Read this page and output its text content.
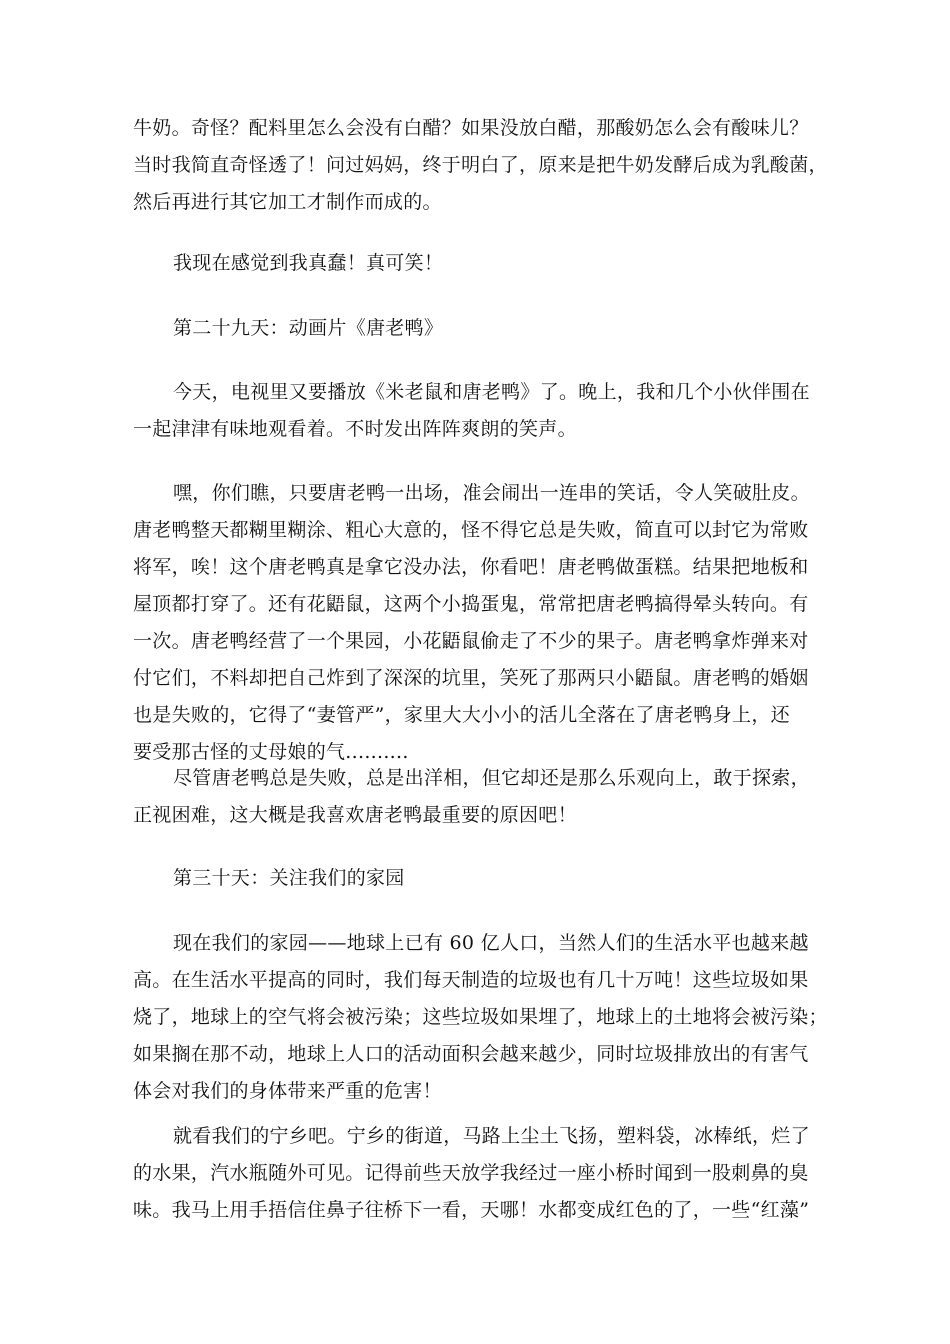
牛奶。奇怪？配料里怎么会没有白醋？如果没放白醋，那酸奶怎么会有酸味儿？
当时我简直奇怪透了！问过妈妈，终于明白了，原来是把牛奶发酵后成为乳酸菌，
然后再进行其它加工才制作而成的。
我现在感觉到我真蠢！真可笑！
第二十九天：动画片《唐老鸭》
今天，电视里又要播放《米老鼠和唐老鸭》了。晚上，我和几个小伙伴围在
一起津津有味地观看着。不时发出阵阵爽朗的笑声。
嘿，你们瞧，只要唐老鸭一出场，准会闹出一连串的笑话，令人笑破肚皮。
唐老鸭整天都糊里糊涂、粗心大意的，怪不得它总是失败，简直可以封它为常败
将军，唉！这个唐老鸭真是拿它没办法，你看吧！唐老鸭做蛋糕。结果把地板和
屋顶都打穿了。还有花鼯鼠，这两个小捣蛋鬼，常常把唐老鸭搞得晕头转向。有
一次。唐老鸭经营了一个果园，小花鼯鼠偷走了不少的果子。唐老鸭拿炸弹来对
付它们，不料却把自己炸到了深深的坑里，笑死了那两只小鼯鼠。唐老鸭的婚姻
也是失败的，它得了“妻管严”，家里大大小小的活儿全落在了唐老鸭身上，还
要受那古怪的丈母娘的气..........
尽管唐老鸭总是失败，总是出洋相，但它却还是那么乐观向上，敢于探索，
正视困难，这大概是我喜欢唐老鸭最重要的原因吧！
第三十天：关注我们的家园
现在我们的家园——地球上已有 60 亿人口，当然人们的生活水平也越来越
高。在生活水平提高的同时，我们每天制造的垃圾也有几十万吨！这些垃圾如果
烧了，地球上的空气将会被污染；这些垃圾如果埋了，地球上的土地将会被污染；
如果搁在那不动，地球上人口的活动面积会越来越少，同时垃圾排放出的有害气
体会对我们的身体带来严重的危害！
就看我们的宁乡吧。宁乡的街道，马路上尘土飞扬，塑料袋，冰棒纸，烂了
的水果，汽水瓶随外可见。记得前些天放学我经过一座小桥时闻到一股刺鼻的臭
味。我马上用手捂信住鼻子往桥下一看，天哪！水都变成红色的了，一些“红藻”
